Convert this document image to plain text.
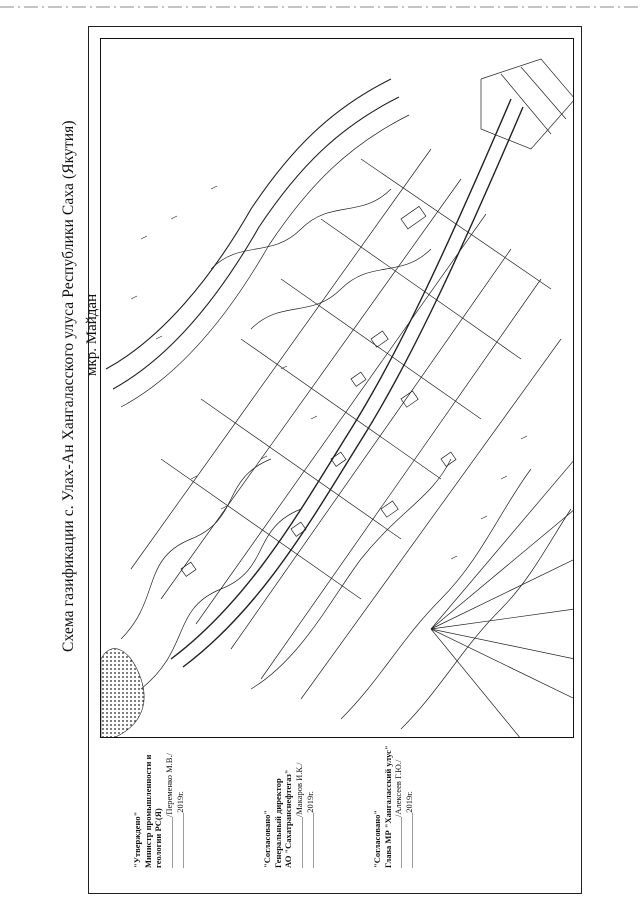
Схема газификации с. Улах-Ан Хангаласского улуса Республики Саха (Якутия) мкр. Майдан
"Утверждено" Министр промышленности и геологии РС(Я) ____________/Переменко М.В./ _____________2019г.	"Согласовано" Генеральный директор АО "Сахатранснефтегаз" ____________/Макаров И.К./ _____________2019г.	"Согласовано" Глава МР "Хангаласский улус" ____________/Алексеев Г.Ю./ _____________2019г.
